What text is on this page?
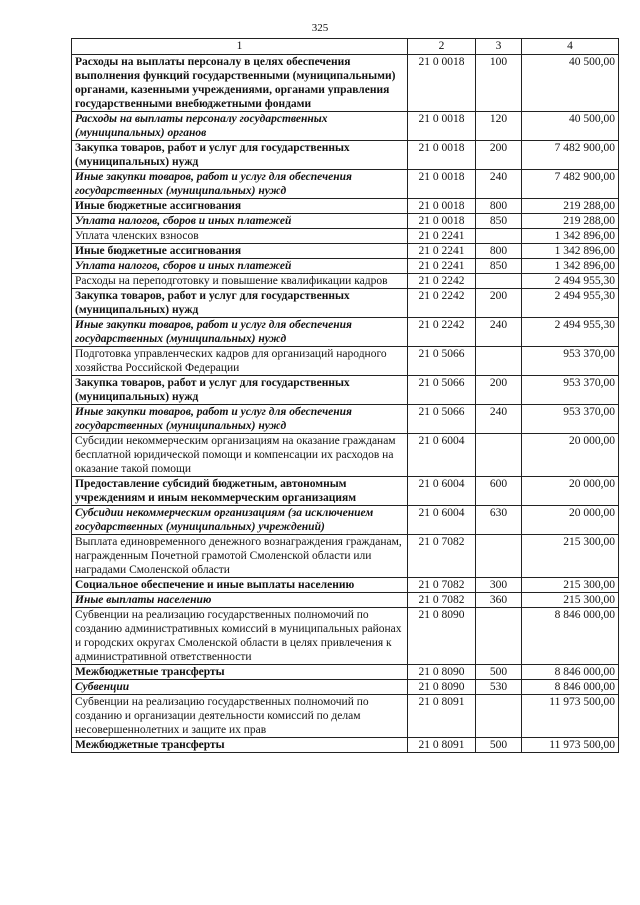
325
1	2	3	4
Расходы на выплаты персоналу в целях обеспечения выполнения функций государственными (муниципальными) органами, казенными учреждениями, органами управления государственными внебюджетными фондами	21 0 0018	100	40 500,00
Расходы на выплаты персоналу государственных (муниципальных) органов	21 0 0018	120	40 500,00
Закупка товаров, работ и услуг для государственных (муниципальных) нужд	21 0 0018	200	7 482 900,00
Иные закупки товаров, работ и услуг для обеспечения государственных (муниципальных) нужд	21 0 0018	240	7 482 900,00
Иные бюджетные ассигнования	21 0 0018	800	219 288,00
Уплата налогов, сборов и иных платежей	21 0 0018	850	219 288,00
Уплата членских взносов	21 0 2241		1 342 896,00
Иные бюджетные ассигнования	21 0 2241	800	1 342 896,00
Уплата налогов, сборов и иных платежей	21 0 2241	850	1 342 896,00
Расходы на переподготовку и повышение квалификации кадров	21 0 2242		2 494 955,30
Закупка товаров, работ и услуг для государственных (муниципальных) нужд	21 0 2242	200	2 494 955,30
Иные закупки товаров, работ и услуг для обеспечения государственных (муниципальных) нужд	21 0 2242	240	2 494 955,30
Подготовка управленческих кадров для организаций народного хозяйства Российской Федерации	21 0 5066		953 370,00
Закупка товаров, работ и услуг для государственных (муниципальных) нужд	21 0 5066	200	953 370,00
Иные закупки товаров, работ и услуг для обеспечения государственных (муниципальных) нужд	21 0 5066	240	953 370,00
Субсидии некоммерческим организациям на оказание гражданам бесплатной юридической помощи и компенсации их расходов на оказание такой помощи	21 0 6004		20 000,00
Предоставление субсидий бюджетным, автономным учреждениям и иным некоммерческим организациям	21 0 6004	600	20 000,00
Субсидии некоммерческим организациям (за исключением государственных (муниципальных) учреждений)	21 0 6004	630	20 000,00
Выплата единовременного денежного вознаграждения гражданам, награжденным Почетной грамотой Смоленской области или наградами Смоленской области	21 0 7082		215 300,00
Социальное обеспечение и иные выплаты населению	21 0 7082	300	215 300,00
Иные выплаты населению	21 0 7082	360	215 300,00
Субвенции на реализацию государственных полномочий по созданию административных комиссий в муниципальных районах и городских округах Смоленской области в целях привлечения к административной ответственности	21 0 8090		8 846 000,00
Межбюджетные трансферты	21 0 8090	500	8 846 000,00
Субвенции	21 0 8090	530	8 846 000,00
Субвенции на реализацию государственных полномочий по созданию и организации деятельности комиссий по делам несовершеннолетних и защите их прав	21 0 8091		11 973 500,00
Межбюджетные трансферты	21 0 8091	500	11 973 500,00
